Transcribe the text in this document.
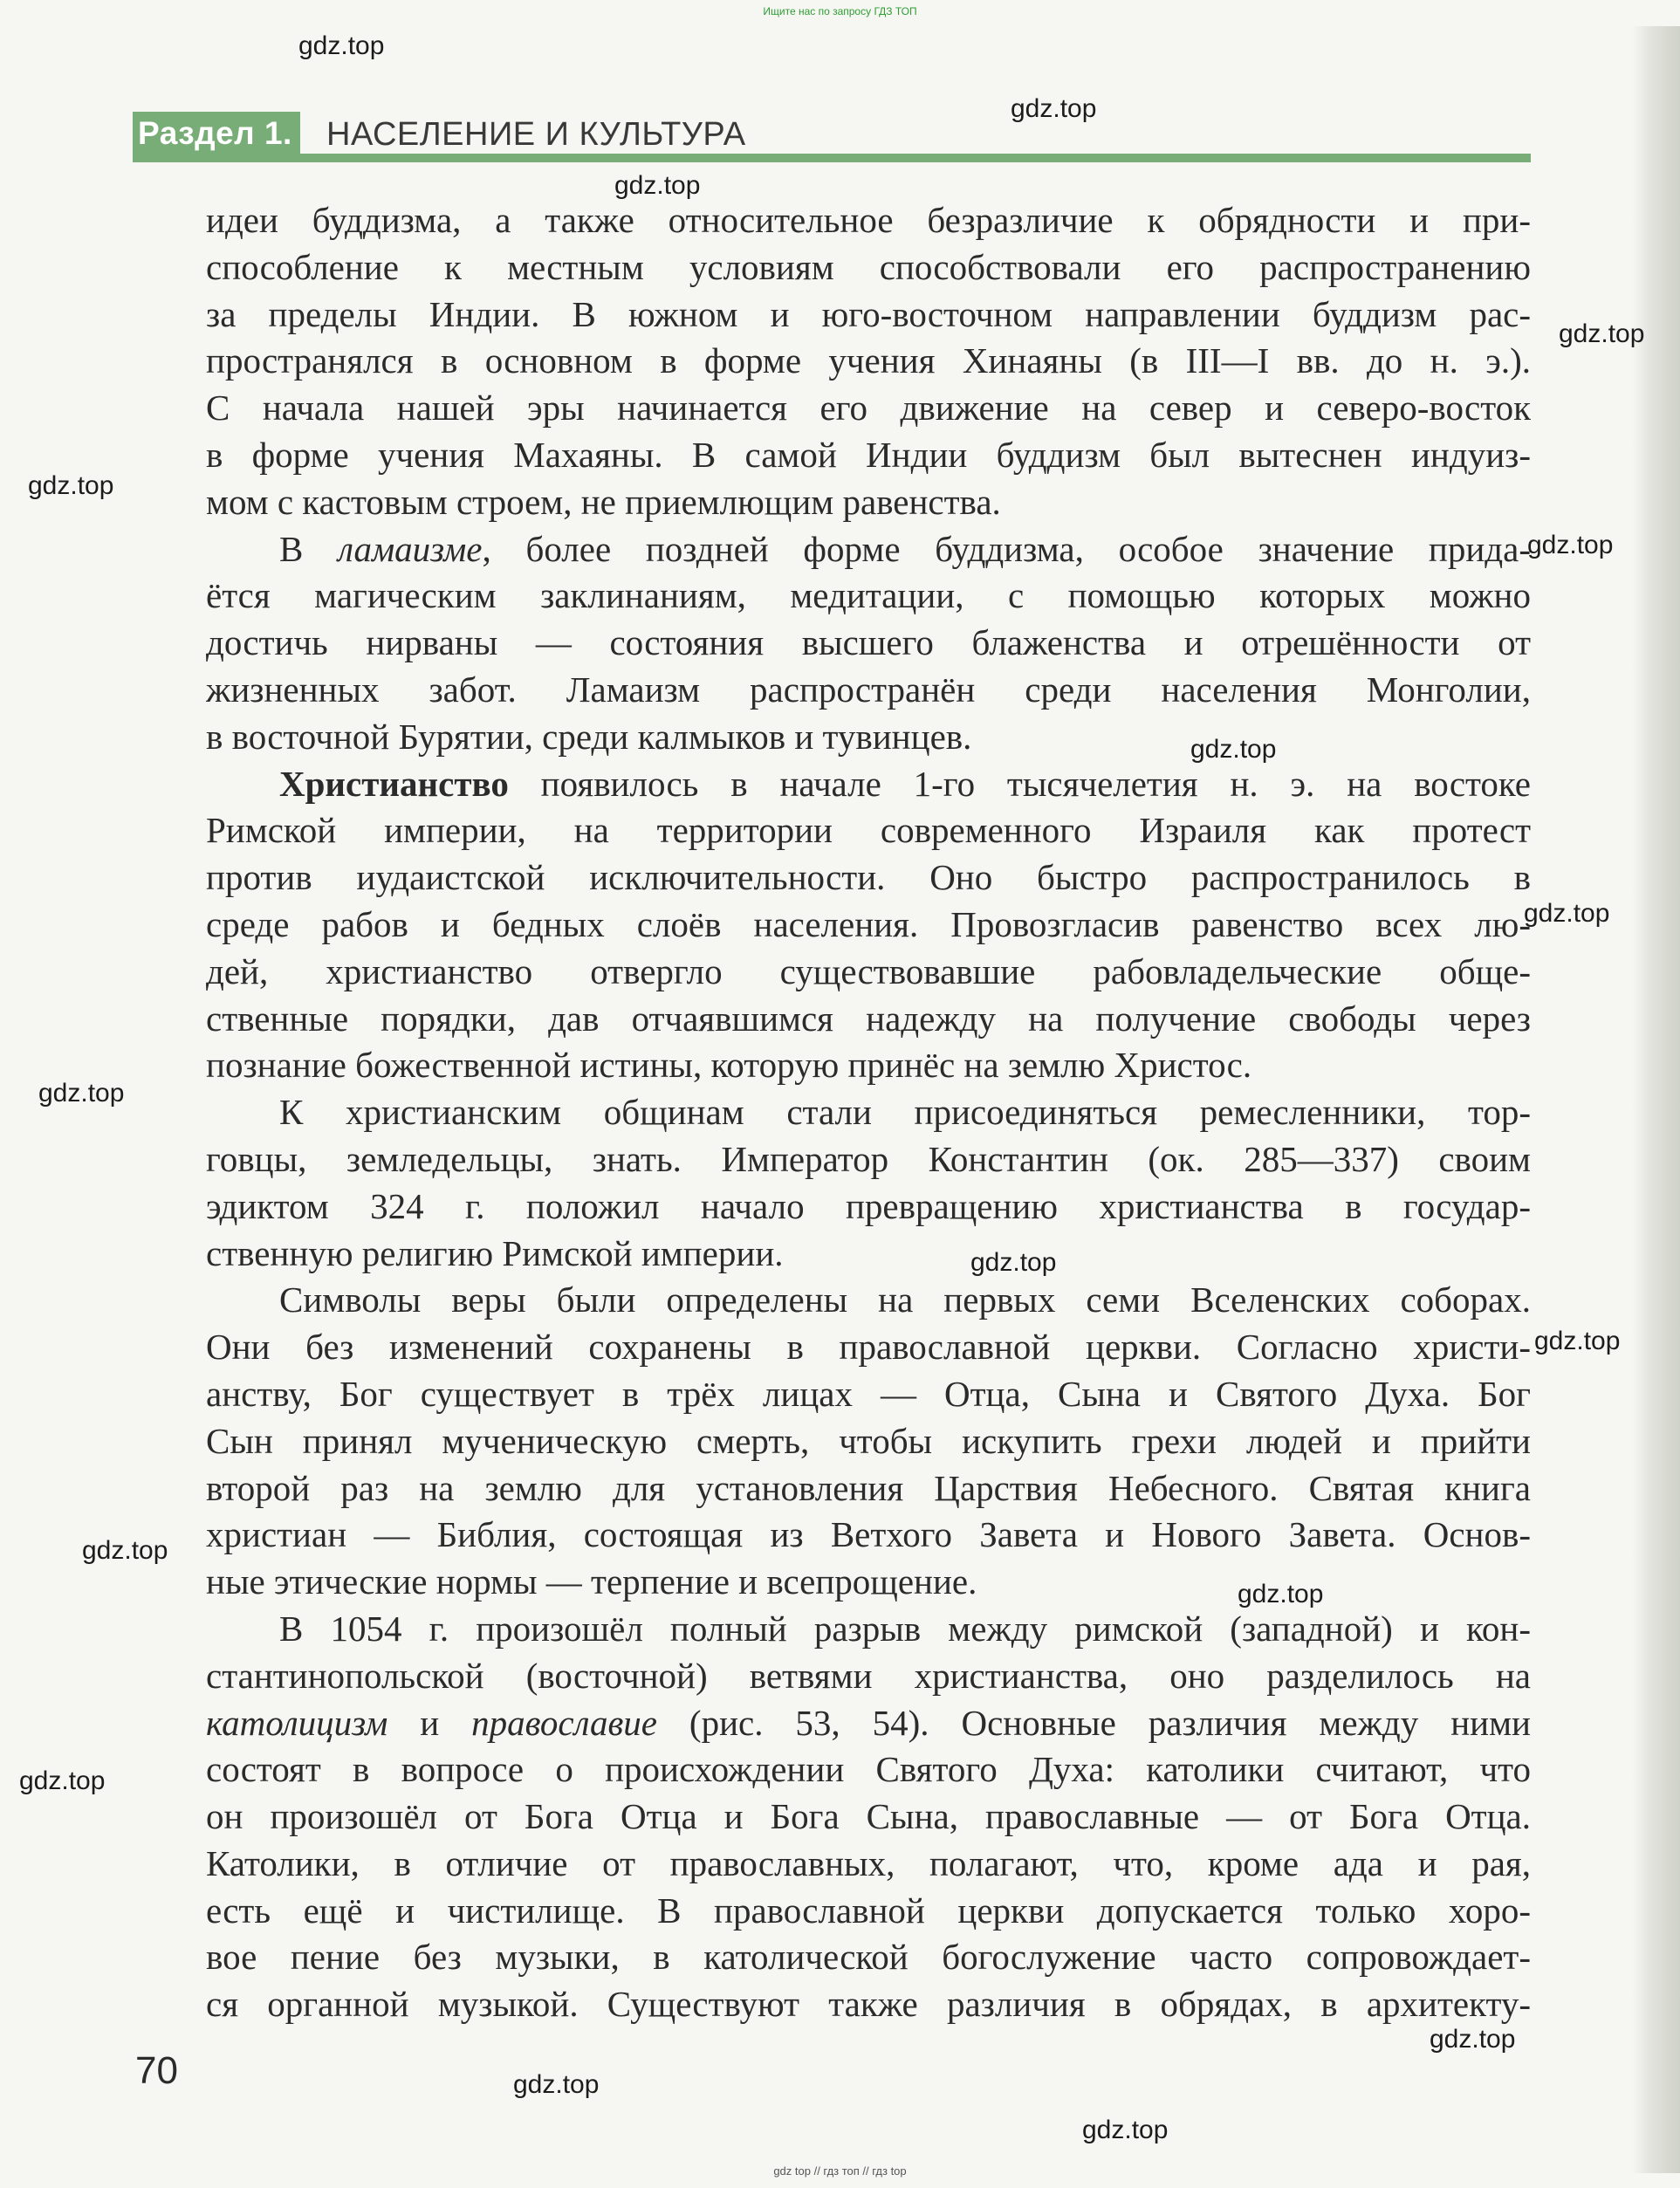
Ищите нас по запросу ГДЗ ТОП
Раздел 1. НАСЕЛЕНИЕ И КУЛЬТУРА
идеи буддизма, а также относительное безразличие к обрядности и при-
способление к местным условиям способствовали его распространению
за пределы Индии. В южном и юго-восточном направлении буддизм рас-
пространялся в основном в форме учения Хинаяны (в III—I вв. до н. э.).
С начала нашей эры начинается его движение на север и северо-восток
в форме учения Махаяны. В самой Индии буддизм был вытеснен индуиз-
мом с кастовым строем, не приемлющим равенства.
В ламаизме, более поздней форме буддизма, особое значение прида-
ётся магическим заклинаниям, медитации, с помощью которых можно
достичь нирваны — состояния высшего блаженства и отрешённости от
жизненных забот. Ламаизм распространён среди населения Монголии,
в восточной Бурятии, среди калмыков и тувинцев.
Христианство появилось в начале 1-го тысячелетия н. э. на востоке
Римской империи, на территории современного Израиля как протест
против иудаистской исключительности. Оно быстро распространилось в
среде рабов и бедных слоёв населения. Провозгласив равенство всех лю-
дей, христианство отвергло существовавшие рабовладельческие обще-
ственные порядки, дав отчаявшимся надежду на получение свободы через
познание божественной истины, которую принёс на землю Христос.
К христианским общинам стали присоединяться ремесленники, тор-
говцы, земледельцы, знать. Император Константин (ок. 285—337) своим
эдиктом 324 г. положил начало превращению христианства в государ-
ственную религию Римской империи.
Символы веры были определены на первых семи Вселенских соборах.
Они без изменений сохранены в православной церкви. Согласно христи-
анству, Бог существует в трёх лицах — Отца, Сына и Святого Духа. Бог
Сын принял мученическую смерть, чтобы искупить грехи людей и прийти
второй раз на землю для установления Царствия Небесного. Святая книга
христиан — Библия, состоящая из Ветхого Завета и Нового Завета. Основ-
ные этические нормы — терпение и всепрощение.
В 1054 г. произошёл полный разрыв между римской (западной) и кон-
стантинопольской (восточной) ветвями христианства, оно разделилось на
католицизм и православие (рис. 53, 54). Основные различия между ними
состоят в вопросе о происхождении Святого Духа: католики считают, что
он произошёл от Бога Отца и Бога Сына, православные — от Бога Отца.
Католики, в отличие от православных, полагают, что, кроме ада и рая,
есть ещё и чистилище. В православной церкви допускается только хоро-
вое пение без музыки, в католической богослужение часто сопровождает-
ся органной музыкой. Существуют также различия в обрядах, в архитекту-
70
gdz.top
gdz.top
gdz.top
gdz.top
gdz.top
gdz.top
gdz.top
gdz.top
gdz.top
gdz.top
gdz.top
gdz.top
gdz.top
gdz.top
gdz.top
gdz.top
gdz.top
gdz top // гдз топ // гдз top
